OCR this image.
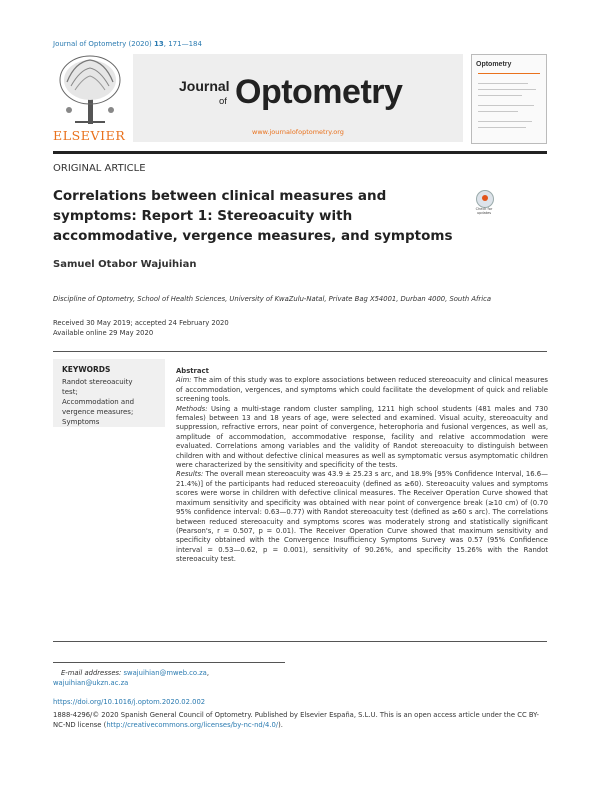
Journal of Optometry (2020) 13, 171—184
ELSEVIER
Journal
of Optometry
www.journalofoptometry.org
Optometry
ORIGINAL ARTICLE
Correlations between clinical measures and symptoms: Report 1: Stereoacuity with accommodative, vergence measures, and symptoms
Check for updates
Samuel Otabor Wajuihian
Discipline of Optometry, School of Health Sciences, University of KwaZulu-Natal, Private Bag X54001, Durban 4000, South Africa
Received 30 May 2019; accepted 24 February 2020
Available online 29 May 2020
KEYWORDS
Randot stereoacuity
test;
Accommodation and
vergence measures;
Symptoms

Abstract

Aim: The aim of this study was to explore associations between reduced stereoacuity and clinical measures of accommodation, vergences, and symptoms which could facilitate the development of quick and reliable screening tools.

Methods: Using a multi-stage random cluster sampling, 1211 high school students (481 males and 730 females) between 13 and 18 years of age, were selected and examined. Visual acuity, stereoacuity and suppression, refractive errors, near point of convergence, heterophoria and fusional vergences, as well as, amplitude of accommodation, accommodative response, facility and relative accommodation were evaluated. Correlations among variables and the validity of Randot stereoacuity to distinguish between children with and without defective clinical measures as well as symptomatic versus asymptomatic children were characterized by the sensitivity and specificity of the tests.

Results: The overall mean stereoacuity was 43.9 ± 25.23 s arc, and 18.9% [95% Confidence Interval, 16.6—21.4%)] of the participants had reduced stereoacuity (defined as ≥60). Stereoacuity values and symptoms scores were worse in children with defective clinical measures. The Receiver Operation Curve showed that maximum sensitivity and specificity was obtained with near point of convergence break (≥10 cm) of (0.70 95% confidence interval: 0.63—0.77) with Randot stereoacuity test (defined as ≥60 s arc). The correlations between reduced stereoacuity and symptoms scores was moderately strong and statistically significant (Pearson's, r = 0.507, p = 0.01). The Receiver Operation Curve showed that maximum sensitivity and specificity obtained with the Convergence Insufficiency Symptoms Survey was 0.57 (95% Confidence interval = 0.53—0.62, p = 0.001), sensitivity of 90.26%, and specificity 15.26% with the Randot stereoacuity test.

E-mail addresses: swajuihian@mweb.co.za,
wajuihian@ukzn.ac.za
https://doi.org/10.1016/j.optom.2020.02.002
1888-4296/© 2020 Spanish General Council of Optometry. Published by Elsevier España, S.L.U. This is an open access article under the CC BY-NC-ND license (http://creativecommons.org/licenses/by-nc-nd/4.0/).
